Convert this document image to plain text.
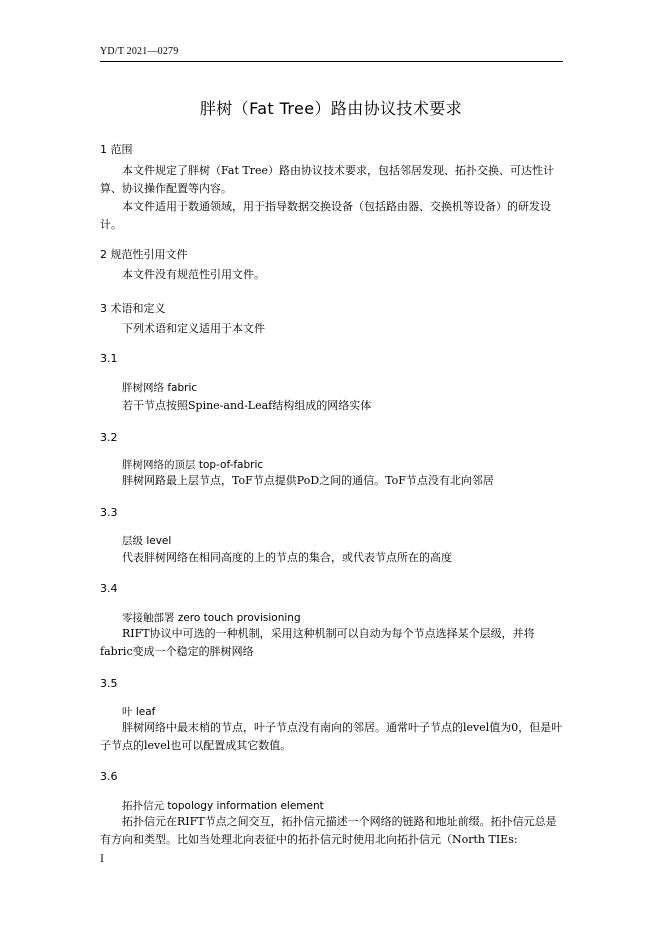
YD/T 2021—0279
胖树（Fat Tree）路由协议技术要求
1 范围

本文件规定了胖树（Fat Tree）路由协议技术要求，包括邻居发现、拓扑交换、可达性计算、协议操作配置等内容。

本文件适用于数通领域，用于指导数据交换设备（包括路由器、交换机等设备）的研发设计。

2 规范性引用文件

本文件没有规范性引用文件。

3 术语和定义

下列术语和定义适用于本文件

3.1
胖树网络 fabric

若干节点按照Spine-and-Leaf结构组成的网络实体

3.2
胖树网络的顶层 top-of-fabric

胖树网路最上层节点，ToF节点提供PoD之间的通信。ToF节点没有北向邻居

3.3
层级 level

代表胖树网络在相同高度的上的节点的集合，或代表节点所在的高度

3.4
零接触部署 zero touch provisioning

RIFT协议中可选的一种机制，采用这种机制可以自动为每个节点选择某个层级，并将fabric变成一个稳定的胖树网络

3.5
叶 leaf

胖树网络中最末梢的节点，叶子节点没有南向的邻居。通常叶子节点的level值为0，但是叶子节点的level也可以配置成其它数值。

3.6
拓扑信元 topology information element

拓扑信元在RIFT节点之间交互，拓扑信元描述一个网络的链路和地址前缀。拓扑信元总是有方向和类型。比如当处理北向表征中的拓扑信元时使用北向拓扑信元（North TIEs:

I
